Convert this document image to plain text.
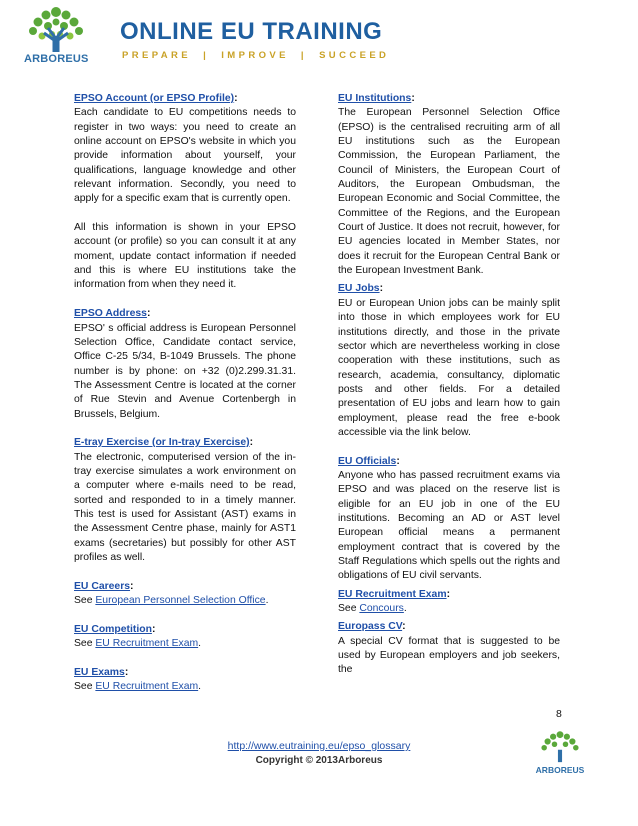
ARBOREUS
ONLINE EU TRAINING
PREPARE  |  IMPROVE  |  SUCCEED
EPSO Account (or EPSO Profile):

Each candidate to EU competitions needs to register in two ways: you need to create an online account on EPSO's website in which you provide information about yourself, your qualifications, language knowledge and other relevant information. Secondly, you need to apply for a specific exam that is currently open.

All this information is shown in your EPSO account (or profile) so you can consult it at any moment, update contact information if needed and this is where EU institutions take the information from when they need it.

EPSO Address:

EPSO' s official address is European Personnel Selection Office, Candidate contact service, Office C-25 5/34, B-1049 Brussels. The phone number is by phone: on +32 (0)2.299.31.31. The Assessment Centre is located at the corner of Rue Stevin and Avenue Cortenbergh in Brussels, Belgium.

E-tray Exercise (or In-tray Exercise):

The electronic, computerised version of the in-tray exercise simulates a work environment on a computer where e-mails need to be read, sorted and responded to in a timely manner. This test is used for Assistant (AST) exams in the Assessment Centre phase, mainly for AST1 exams (secretaries) but possibly for other AST profiles as well.

EU Careers:
See European Personnel Selection Office.
EU Competition:
See EU Recruitment Exam.
EU Exams:
See EU Recruitment Exam.
EU Institutions:

The European Personnel Selection Office (EPSO) is the centralised recruiting arm of all EU institutions such as the European Commission, the European Parliament, the Council of Ministers, the European Court of Auditors, the European Ombudsman, the European Economic and Social Committee, the Committee of the Regions, and the European Court of Justice. It does not recruit, however, for EU agencies located in Member States, nor does it recruit for the European Central Bank or the European Investment Bank.

EU Jobs:

EU or European Union jobs can be mainly split into those in which employees work for EU institutions directly, and those in the private sector which are nevertheless working in close cooperation with these institutions, such as research, academia, consultancy, diplomatic posts and other fields. For a detailed presentation of EU jobs and learn how to gain employment, please read the free e-book accessible via the link below.

EU Officials:

Anyone who has passed recruitment exams via EPSO and was placed on the reserve list is eligible for an EU job in one of the EU institutions. Becoming an AD or AST level European official means a permanent employment contract that is covered by the Staff Regulations which spells out the rights and obligations of EU civil servants.

EU Recruitment Exam:
See Concours.
Europass CV:

A special CV format that is suggested to be used by European employers and job seekers, the

8
http://www.eutraining.eu/epso_glossary
Copyright © 2013Arboreus
ARBOREUS
